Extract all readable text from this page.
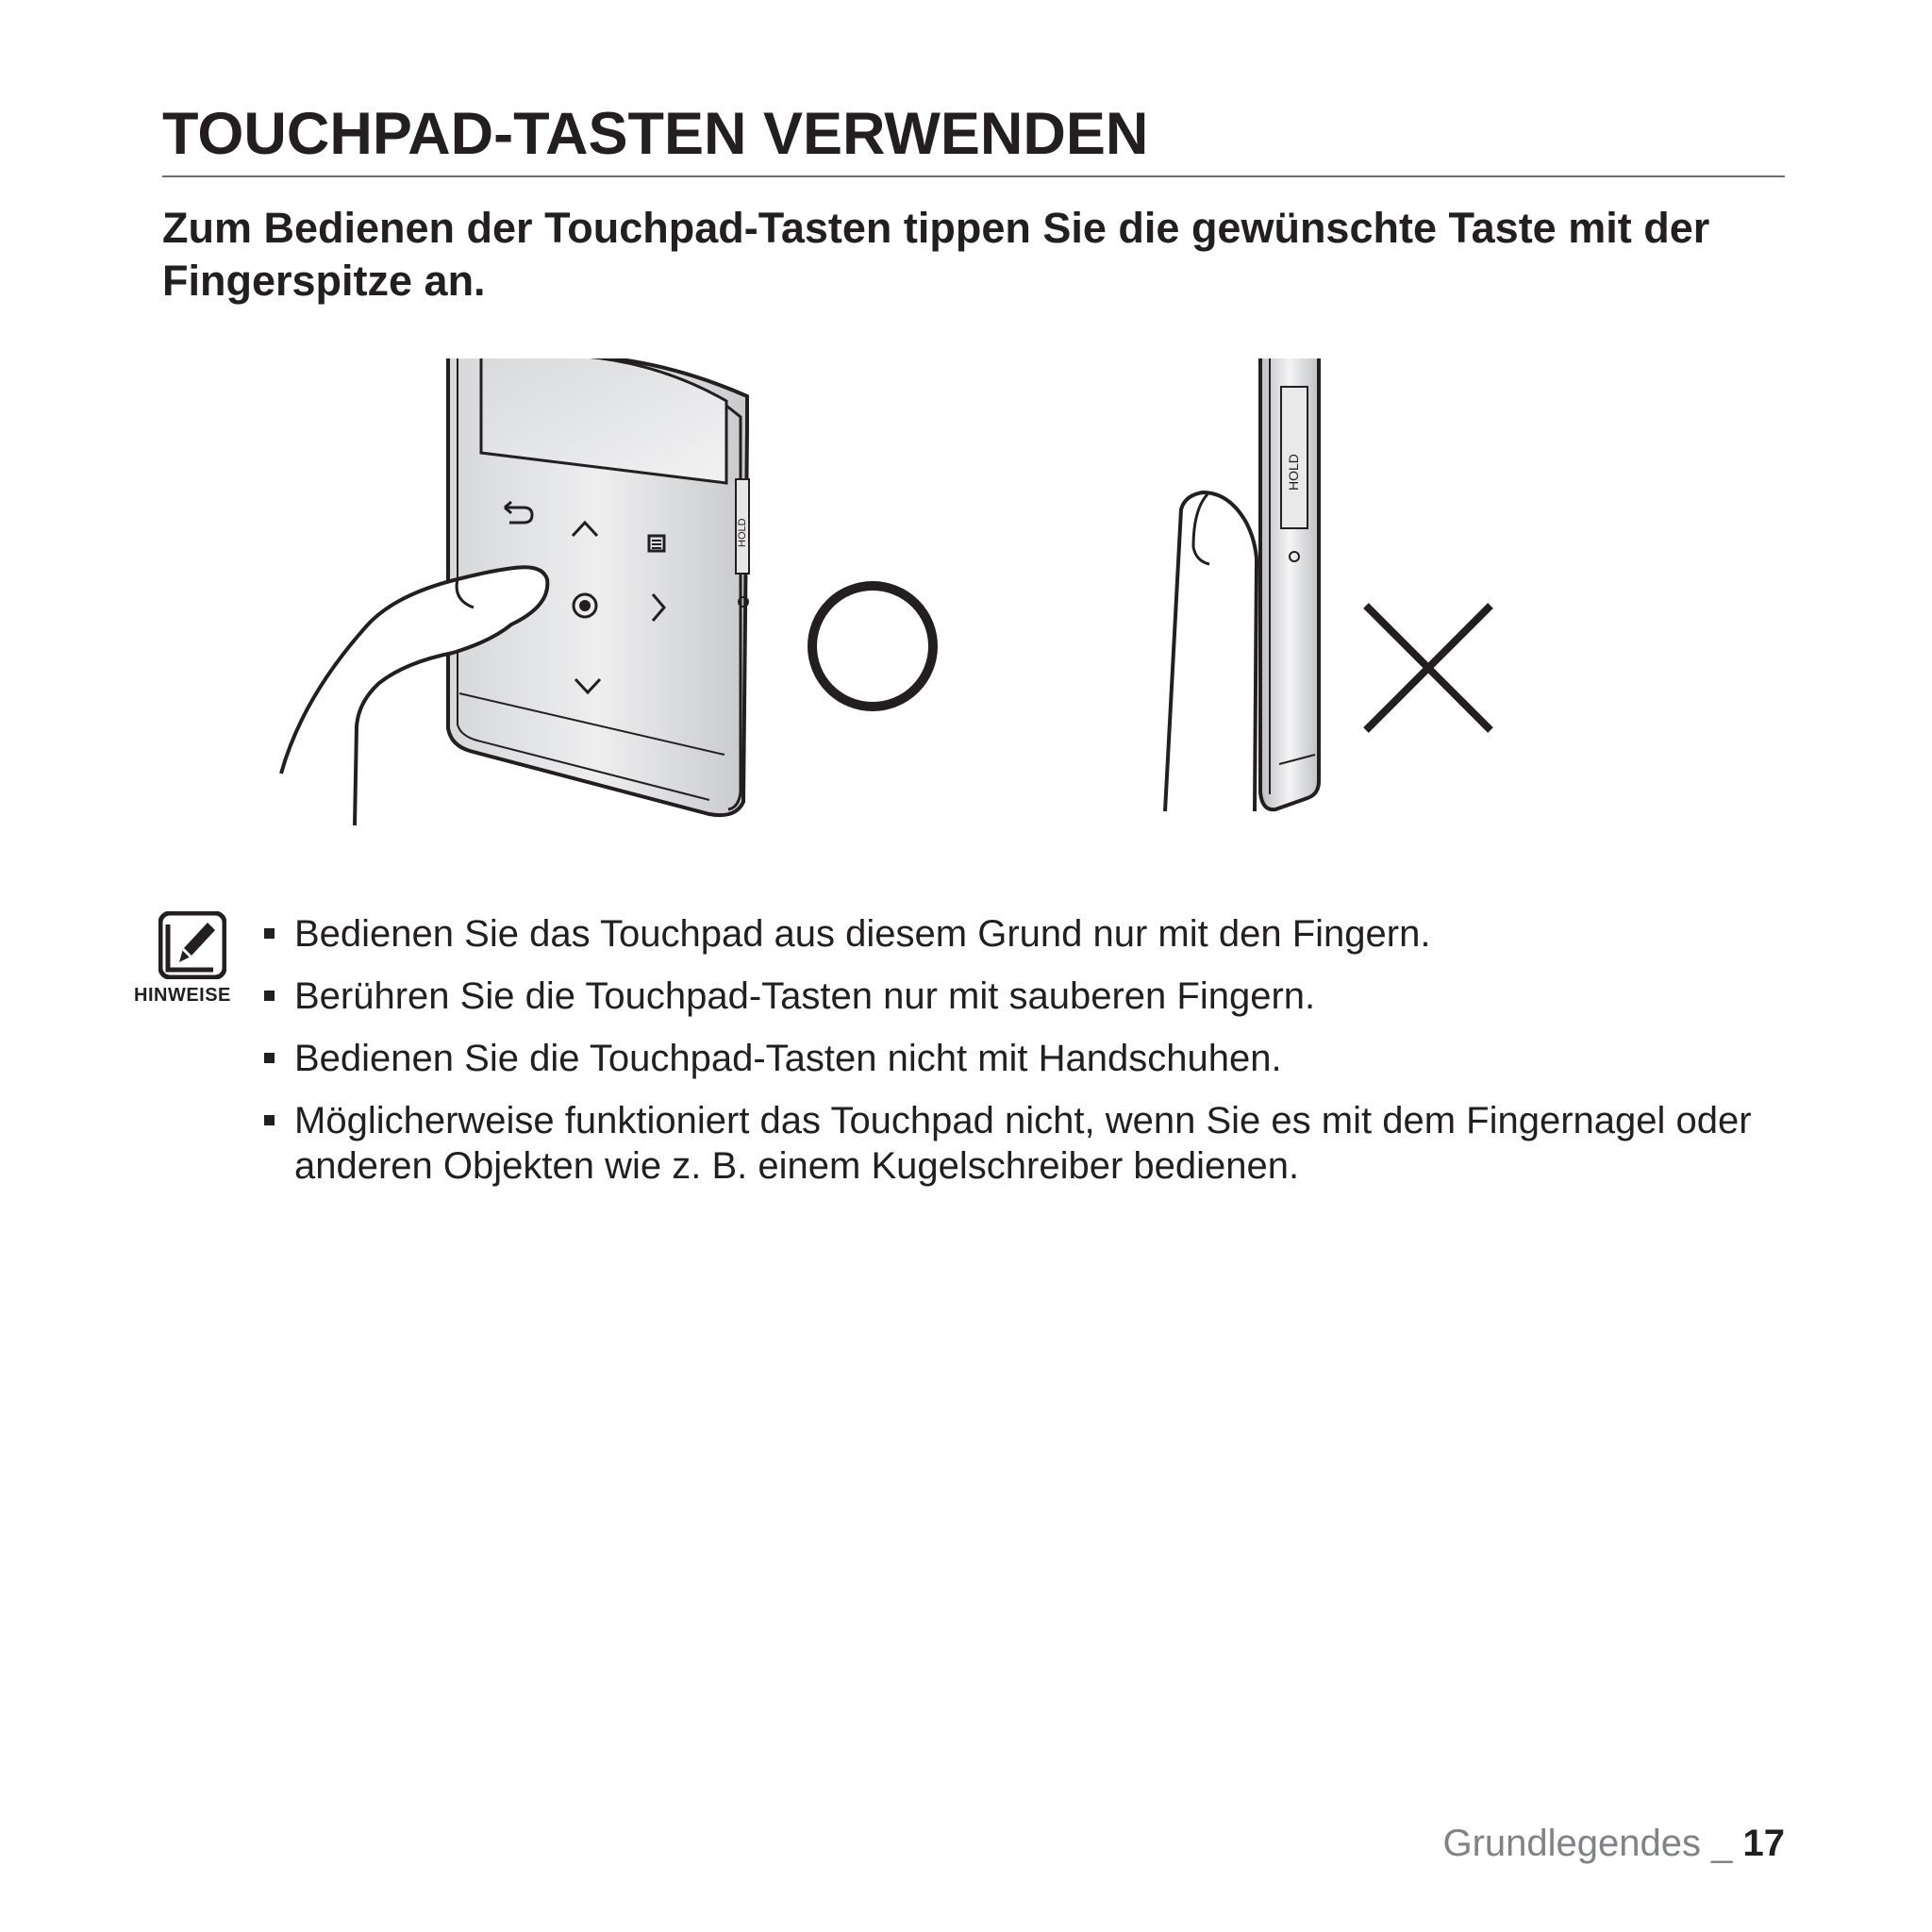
TOUCHPAD-TASTEN VERWENDEN

Zum Bedienen der Touchpad-Tasten tippen Sie die gewünschte Taste mit der Fingerspitze an.

HOLD
HOLD
HINWEISE
Bedienen Sie das Touchpad aus diesem Grund nur mit den Fingern.
Berühren Sie die Touchpad-Tasten nur mit sauberen Fingern.
Bedienen Sie die Touchpad-Tasten nicht mit Handschuhen.
Möglicherweise funktioniert das Touchpad nicht, wenn Sie es mit dem Fingernagel oder anderen Objekten wie z. B. einem Kugelschreiber bedienen.
Grundlegendes _ 17
